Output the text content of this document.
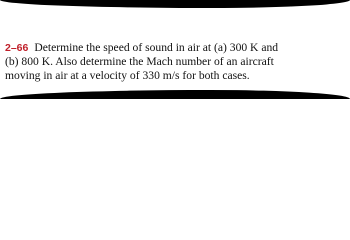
2–66 Determine the speed of sound in air at (a) 300 K and
(b) 800 K. Also determine the Mach number of an aircraft
moving in air at a velocity of 330 m/s for both cases.
